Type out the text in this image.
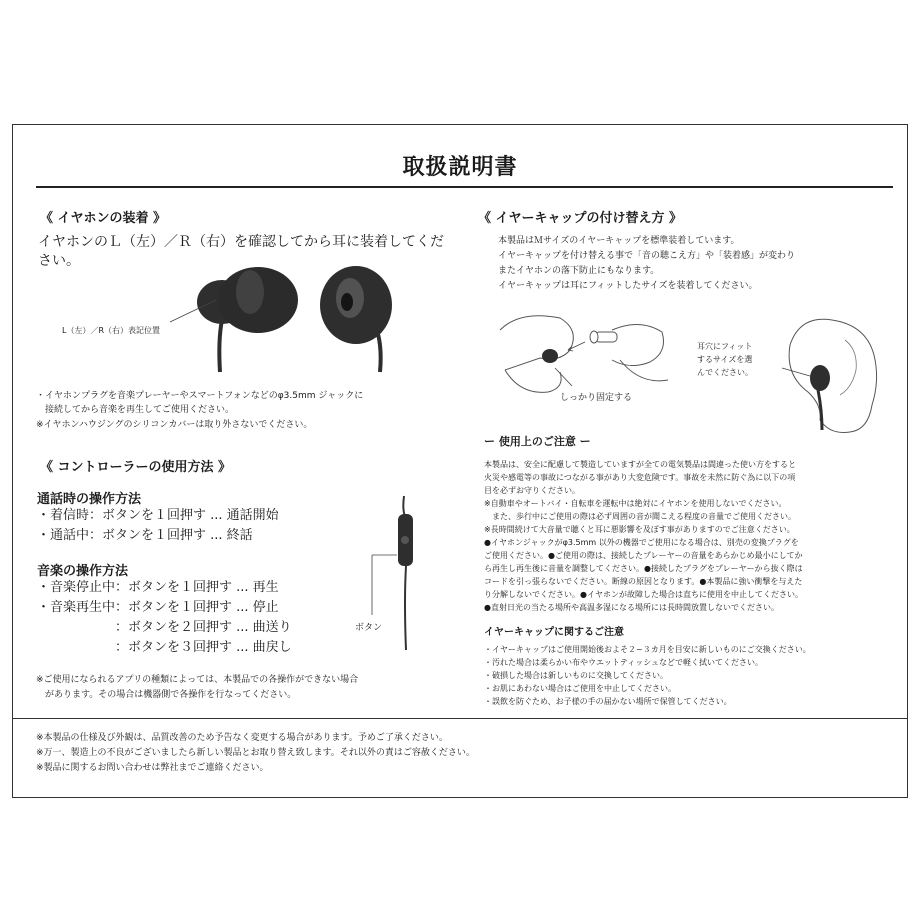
取扱説明書
《 イヤホンの装着 》
イヤホンのＬ（左）／Ｒ（右）を確認してから耳に装着してください。
L（左）／R（右）表記位置
・イヤホンプラグを音楽プレーヤーやスマートフォンなどのφ3.5mm ジャックに
　接続してから音楽を再生してご使用ください。
※イヤホンハウジングのシリコンカバーは取り外さないでください。
《 コントローラーの使用方法 》
通話時の操作方法
・着信時：ボタンを１回押す ... 通話開始
・通話中：ボタンを１回押す ... 終話
音楽の操作方法
・音楽停止中：ボタンを１回押す ... 再生
・音楽再生中：ボタンを１回押す ... 停止
　　　　　　：ボタンを２回押す ... 曲送り
　　　　　　：ボタンを３回押す ... 曲戻し
ボタン
※ご使用になられるアプリの種類によっては、本製品での各操作ができない場合
　があります。その場合は機器側で各操作を行なってください。
《 イヤーキャップの付け替え方 》
本製品はＭサイズのイヤーキャップを標準装着しています。
イヤーキャップを付け替える事で「音の聴こえ方」や「装着感」が変わり
またイヤホンの落下防止にもなります。
イヤーキャップは耳にフィットしたサイズを装着してください。
しっかり固定する
耳穴にフィット
するサイズを選
んでください。
ー 使用上のご注意 ー
本製品は、安全に配慮して製造していますが全ての電気製品は間違った使い方をすると
火災や感電等の事故につながる事があり大変危険です。事故を未然に防ぐ為に以下の項
目を必ずお守りください。
※自動車やオートバイ・自転車を運転中は絶対にイヤホンを使用しないでください。
　また、歩行中にご使用の際は必ず周囲の音が聞こえる程度の音量でご使用ください。
※長時間続けて大音量で聴くと耳に悪影響を及ぼす事がありますのでご注意ください。
●イヤホンジャックがφ3.5mm 以外の機器でご使用になる場合は、別売の変換プラグを
ご使用ください。●ご使用の際は、接続したプレーヤーの音量をあらかじめ最小にしてか
ら再生し再生後に音量を調整してください。●接続したプラグをプレーヤーから抜く際は
コードを引っ張らないでください。断線の原因となります。●本製品に強い衝撃を与えた
り分解しないでください。●イヤホンが故障した場合は直ちに使用を中止してください。
●直射日光の当たる場所や高温多湿になる場所には長時間放置しないでください。
イヤーキャップに関するご注意
・イヤーキャップはご使用開始後およそ２~３カ月を目安に新しいものにご交換ください。
・汚れた場合は柔らかい布やウエットティッシュなどで軽く拭いてください。
・破損した場合は新しいものに交換してください。
・お肌にあわない場合はご使用を中止してください。
・誤飲を防ぐため、お子様の手の届かない場所で保管してください。
※本製品の仕様及び外観は、品質改善のため予告なく変更する場合があります。予めご了承ください。
※万一、製造上の不良がございましたら新しい製品とお取り替え致します。それ以外の責はご容赦ください。
※製品に関するお問い合わせは弊社までご連絡ください。
